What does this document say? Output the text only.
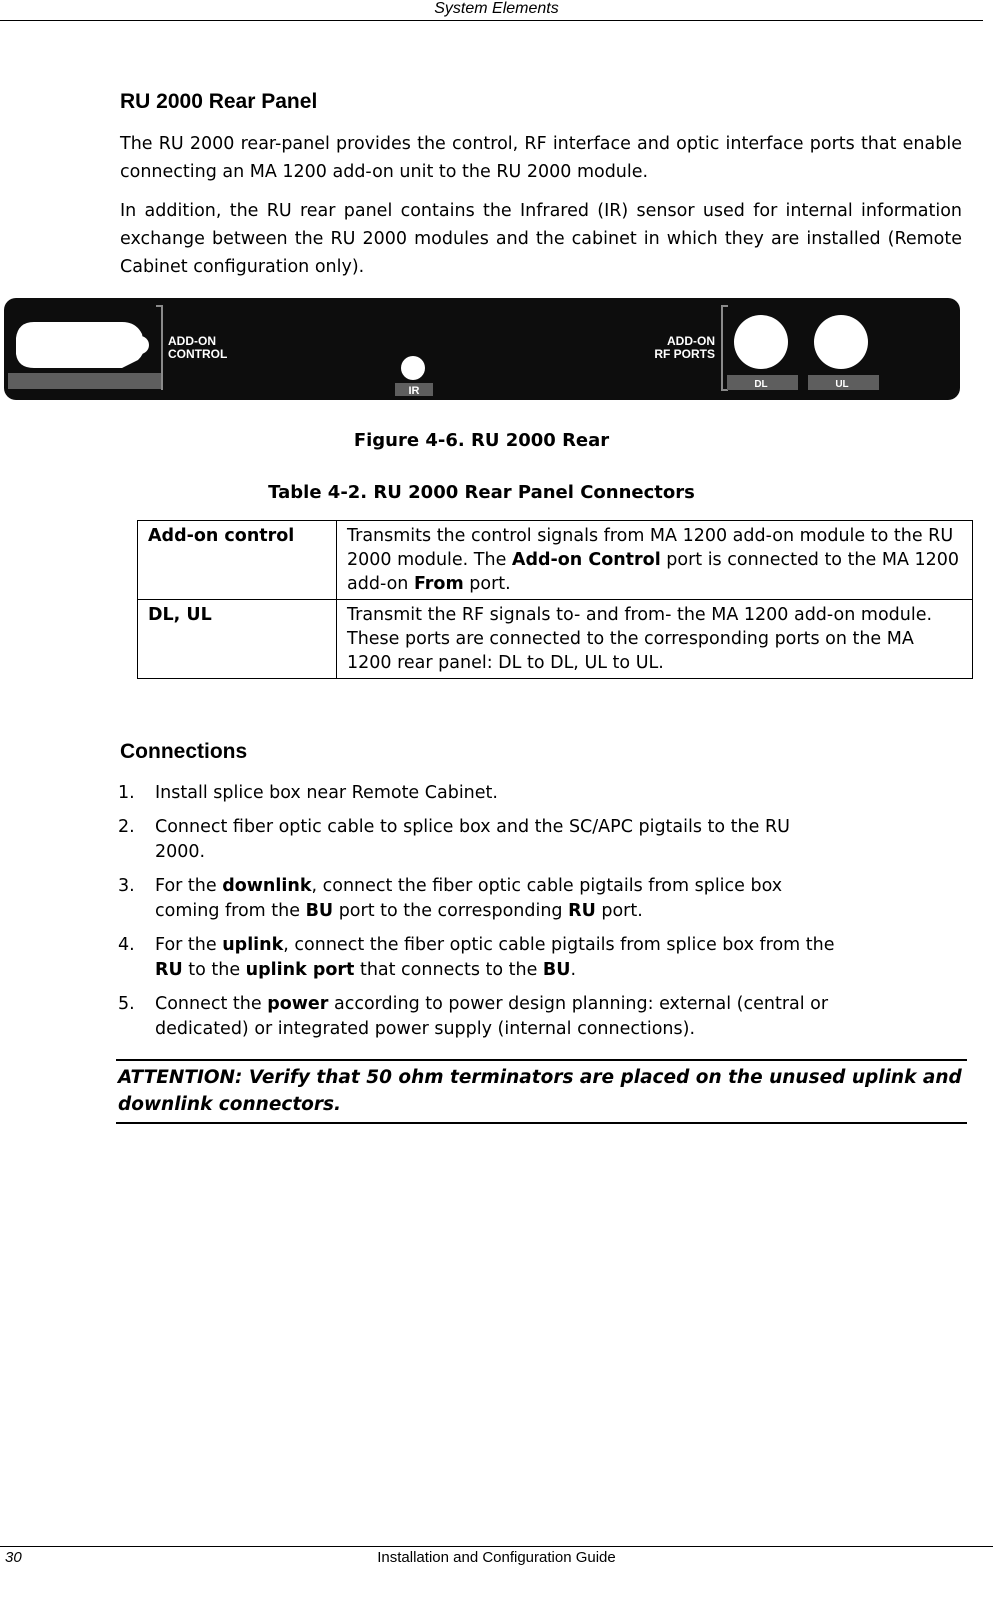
System Elements
RU 2000 Rear Panel

The RU 2000 rear-panel provides the control, RF interface and optic interface ports that enable connecting an MA 1200 add-on unit to the RU 2000 module.

In addition, the RU rear panel contains the Infrared (IR) sensor used for internal information exchange between the RU 2000 modules and the cabinet in which they are installed (Remote Cabinet configuration only).

ADD-ON
CONTROL
IR
ADD-ON
RF PORTS
DL	UL
Figure 4-6. RU 2000 Rear
Table 4-2. RU 2000 Rear Panel Connectors
Add-on control	Transmits the control signals from MA 1200 add-on module to the RU 2000 module. The Add-on Control port is connected to the MA 1200 add-on From port.
DL, UL	Transmit the RF signals to- and from- the MA 1200 add-on module. These ports are connected to the corresponding ports on the MA 1200 rear panel: DL to DL, UL to UL.
Connections
1. Install splice box near Remote Cabinet.
2. Connect fiber optic cable to splice box and the SC/APC pigtails to the RU 2000.
3. For the downlink, connect the fiber optic cable pigtails from splice box coming from the BU port to the corresponding RU port.
4. For the uplink, connect the fiber optic cable pigtails from splice box from the RU to the uplink port that connects to the BU.
5. Connect the power according to power design planning: external (central or dedicated) or integrated power supply (internal connections).
ATTENTION: Verify that 50 ohm terminators are placed on the unused uplink and downlink connectors.
Installation and Configuration Guide
30
